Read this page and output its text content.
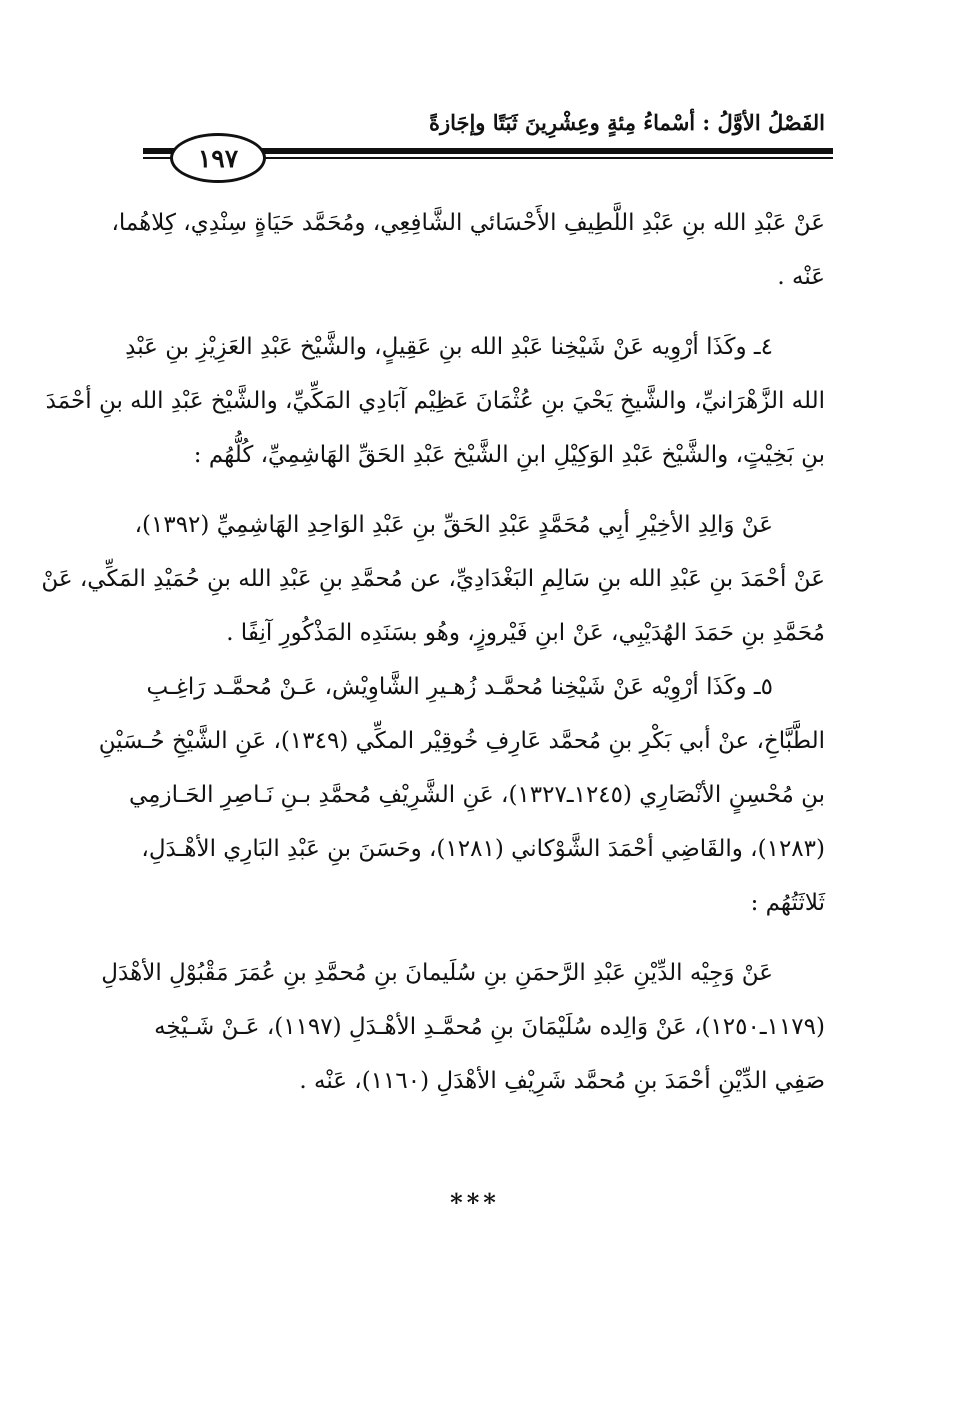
الفَصْلُ الأوَّلُ : أسْماءُ مِئةٍ وعِشْرِينَ ثَبَتًا وإجَازةً
١٩٧
عَنْ عَبْدِ الله بنِ عَبْدِ اللَّطِيفِ الأَحْسَائي الشَّافِعِي، ومُحَمَّد حَيَاةٍ سِنْدِي، كِلاهُما،
عَنْه .
٤ـ وكَذَا أرْوِيه عَنْ شَيْخِنا عَبْدِ الله بنِ عَقِيلٍ، والشَّيْخ عَبْدِ العَزِيْزِ بنِ عَبْدِ
الله الزَّهْرَانيِّ، والشَّيخِ يَحْيَ بنِ عُثْمَانَ عَظِيْم آبَادِي المَكِّيِّ، والشَّيْخ عَبْدِ الله بنِ أحْمَدَ
بنِ بَخِيْتٍ، والشَّيْخ عَبْدِ الوَكِيْلِ ابنِ الشَّيْخ عَبْدِ الحَقِّ الهَاشِمِيِّ، كُلُّهُم :
عَنْ وَالِدِ الأخِيْرِ أبِي مُحَمَّدٍ عَبْدِ الحَقِّ بنِ عَبْدِ الوَاحِدِ الهَاشِمِيِّ (١٣٩٢)،
عَنْ أحْمَدَ بنِ عَبْدِ الله بنِ سَالِمِ البَغْدَادِيِّ، عن مُحمَّدِ بنِ عَبْدِ الله بنِ حُمَيْدِ المَكِّي، عَنْ
مُحَمَّدِ بنِ حَمَدَ الهُدَيْبِي، عَنْ ابنِ فَيْروزٍ، وهُو بسَنَدِه المَذْكُورِ آنِفًا .
٥ـ وكَذَا أرْوِيْه عَنْ شَيْخِنا مُحمَّـد زُهـيرِ الشَّاوِيْش، عَـنْ مُحمَّـد رَاغِـبِ
الطَّبَّاخِ، عنْ أبي بَكْرِ بنِ مُحمَّد عَارِفِ خُوقِيْر المكِّي (١٣٤٩)، عَنِ الشَّيْخِ حُـسَيْنِ
بنِ مُحْسِنٍ الأنْصَارِي (١٢٤٥ـ١٣٢٧)، عَنِ الشَّرِيْفِ مُحمَّدِ بـنِ نَـاصِرِ الحَـازمِي
(١٢٨٣)، والقَاضِي أحْمَدَ الشَّوْكاني (١٢٨١)، وحَسَنَ بنِ عَبْدِ البَارِي الأهْـدَلِ،
ثَلاثَتُهُم :
عَنْ وَجِيْه الدِّيْنِ عَبْدِ الرَّحمَنِ بنِ سُلَيمانَ بنِ مُحمَّدِ بنِ عُمَرَ مَقْبُوْلِ الأهْدَلِ
(١١٧٩ـ١٢٥٠)، عَنْ وَالِده سُلَيْمَانَ بنِ مُحمَّـدِ الأهْـدَلِ (١١٩٧)، عَـنْ شَـيْخِه
صَفِي الدِّيْنِ أحْمَدَ بنِ مُحمَّد شَرِيْفِ الأهْدَلِ (١١٦٠)، عَنْه .
***
